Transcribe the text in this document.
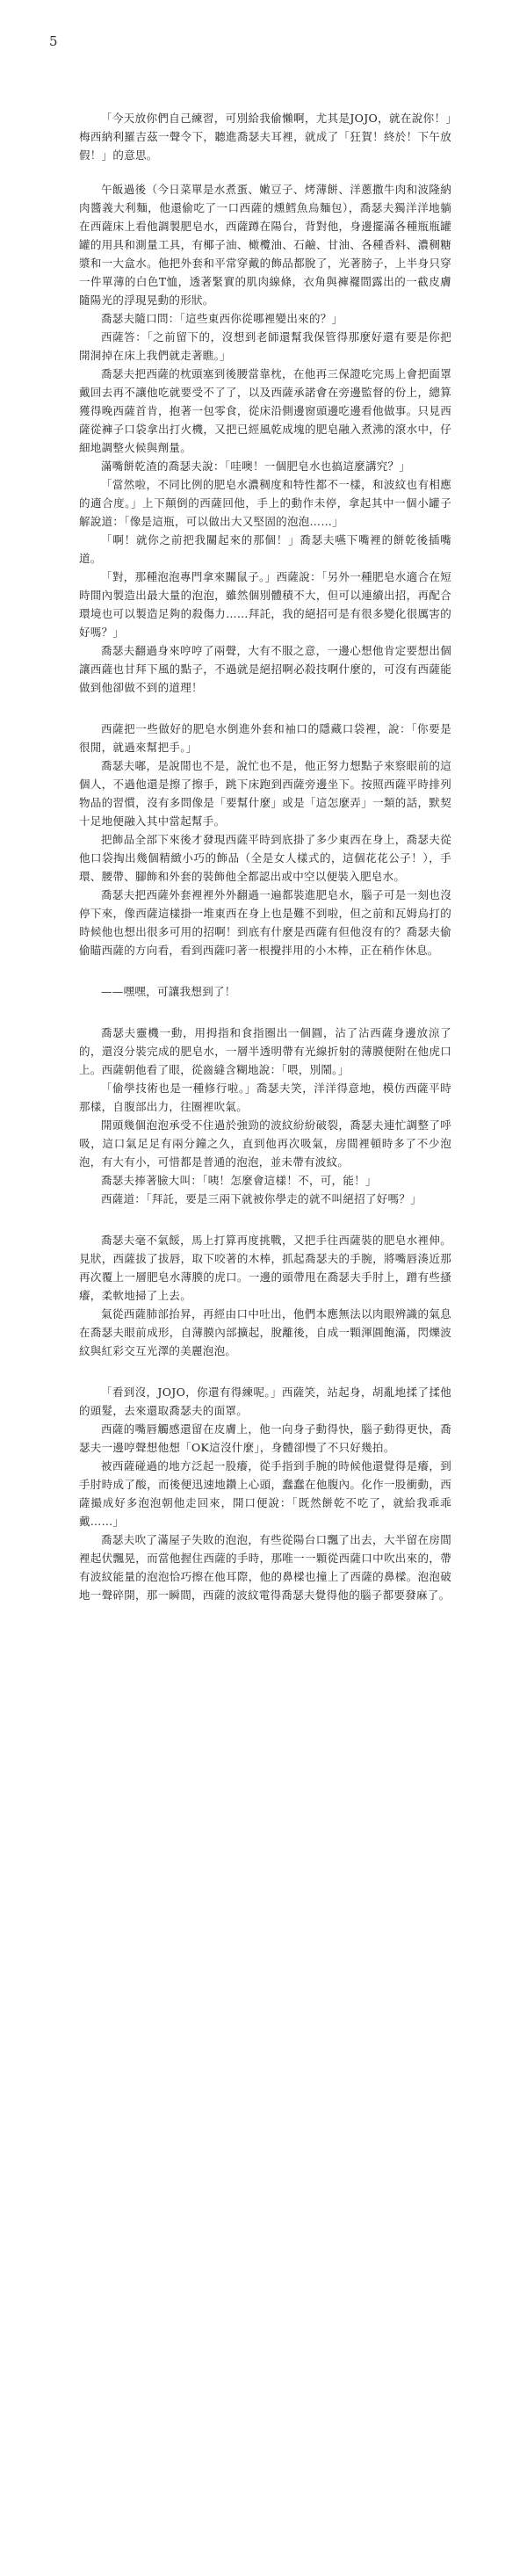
5

「今天放你們自己練習，可別給我偷懶啊，尤其是JOJO，就在說你！」梅西納利羅吉茲一聲令下，聽進喬瑟夫耳裡，就成了「狂賀！終於！下午放假！」的意思。

午飯過後（今日菜單是水煮蛋、嫩豆子、烤薄餅、洋蔥撒牛肉和波隆納肉醬義大利麵，他還偷吃了一口西薩的燻鱈魚烏麵包），喬瑟夫獨洋洋地躺在西薩床上看他調製肥皂水，西薩蹲在陽台，背對他，身邊擺滿各種瓶瓶罐罐的用具和測量工具，有椰子油、橄欖油、石鹼、甘油、各種香料、濃稠糖漿和一大盒水。他把外套和平常穿戴的飾品都脫了，光著膀子，上半身只穿一件單薄的白色T恤，透著緊實的肌肉線條，衣角與褲襬間露出的一截皮膚隨陽光的浮現晃動的形狀。

喬瑟夫隨口問：「這些東西你從哪裡變出來的？」

西薩答：「之前留下的，沒想到老師還幫我保管得那麼好還有要是你把開洞掉在床上我們就走著瞧。」

喬瑟夫把西薩的枕頭塞到後腰當靠枕，在他再三保證吃完馬上會把面罩戴回去再不讓他吃就要受不了了，以及西薩承諾會在旁邊監督的份上，總算獲得晚西薩首肯，抱著一包零食，從床沿側邊窗頭邊吃邊看他做事。只見西薩從褲子口袋拿出打火機，又把已經風乾成塊的肥皂融入煮沸的滾水中，仔細地調整火候與劑量。

滿嘴餅乾渣的喬瑟夫說：「哇噢！一個肥皂水也搞這麼講究？」

「當然啦，不同比例的肥皂水濃稠度和特性都不一樣，和波紋也有相應的適合度。」上下顛倒的西薩回他，手上的動作未停，拿起其中一個小罐子解說道：「像是這瓶，可以做出大又堅固的泡泡……」

「啊！就你之前把我關起來的那個！」喬瑟夫嚥下嘴裡的餅乾後插嘴道。

「對，那種泡泡專門拿來關鼠子。」西薩說：「另外一種肥皂水適合在短時間內製造出最大量的泡泡，雖然個別體積不大，但可以連續出招，再配合環境也可以製造足夠的殺傷力……拜託，我的絕招可是有很多變化很厲害的好嗎？」

喬瑟夫翻過身來哼哼了兩聲，大有不服之意，一邊心想他肯定要想出個讓西薩也甘拜下風的點子，不過就是絕招啊必殺技啊什麼的，可沒有西薩能做到他卻做不到的道理！

西薩把一些做好的肥皂水倒進外套和袖口的隱藏口袋裡，說：「你要是很閒，就過來幫把手。」

喬瑟夫嘟，是說閒也不是，說忙也不是，他正努力想點子來察眼前的這個人，不過他還是擦了擦手，跳下床跑到西薩旁邊坐下。按照西薩平時排列物品的習慣，沒有多問像是「要幫什麼」或是「這怎麼弄」一類的話，默契十足地便融入其中當起幫手。

把飾品全部下來後才發現西薩平時到底掛了多少東西在身上，喬瑟夫從他口袋掏出幾個精緻小巧的飾品（全是女人樣式的，這個花花公子！），手環、腰帶、腳飾和外套的裝飾他全都認出或中空以便裝入肥皂水。

喬瑟夫把西薩外套裡裡外外翻過一遍都裝進肥皂水，腦子可是一刻也沒停下來，像西薩這樣掛一堆東西在身上也是難不到啦，但之前和瓦姆烏打的時候他也想出很多可用的招啊！到底有什麼是西薩有但他沒有的？喬瑟夫偷偷瞄西薩的方向看，看到西薩叼著一根攪拌用的小木棒，正在稍作休息。

——嘿嘿，可讓我想到了！

喬瑟夫靈機一動，用拇指和食指圈出一個圓，沾了沾西薩身邊放涼了的，還沒分裝完成的肥皂水，一層半透明帶有光線折射的薄膜便附在他虎口上。西薩朝他看了眼，從齒縫含糊地說：「喂，別鬧。」

「偷學技術也是一種修行啦。」喬瑟夫笑，洋洋得意地，模仿西薩平時那樣，自腹部出力，往圈裡吹氣。

開頭幾個泡泡承受不住過於強勁的波紋紛紛破裂，喬瑟夫連忙調整了呼吸，這口氣足足有兩分鐘之久，直到他再次吸氣，房間裡頓時多了不少泡泡，有大有小，可惜都是普通的泡泡，並未帶有波紋。

喬瑟夫捧著臉大叫：「咦！怎麼會這樣！不，可，能！」

西薩道：「拜託，要是三兩下就被你學走的就不叫絕招了好嗎？」

喬瑟夫毫不氣餒，馬上打算再度挑戰，又把手往西薩裝的肥皂水裡伸。見狀，西薩拔了拔唇，取下咬著的木棒，抓起喬瑟夫的手腕，將嘴唇湊近那再次覆上一層肥皂水薄膜的虎口。一邊的頭帶甩在喬瑟夫手肘上，蹭有些搔癢，柔軟地掃了上去。

氣從西薩肺部抬昇，再經由口中吐出，他們本應無法以肉眼辨識的氣息在喬瑟夫眼前成形，自薄膜內部擴起，脫離後，自成一顆渾圓飽滿，閃爍波紋與紅彩交互光澤的美麗泡泡。

「看到沒，JOJO，你還有得練呢。」西薩笑，站起身，胡亂地揉了揉他的頭髮，去來還取喬瑟夫的面罩。

西薩的嘴唇觸感還留在皮膚上，他一向身子動得快，腦子動得更快，喬瑟夫一邊哼聲想他想「OK這沒什麼」，身體卻慢了不只好幾拍。

被西薩碰過的地方泛起一股癢，從手指到手腕的時候他還覺得是癢，到手肘時成了酸，而後便迅速地鑽上心頭，蠢蠢在他腹內。化作一股衝動，西薩撮成好多泡泡朝他走回來，開口便說：「既然餅乾不吃了，就給我乖乖戴……」

喬瑟夫吹了滿屋子失敗的泡泡，有些從陽台口飄了出去，大半留在房間裡起伏飄晃，而當他握住西薩的手時，那唯一一顆從西薩口中吹出來的，帶有波紋能量的泡泡恰巧擦在他耳際，他的鼻樑也撞上了西薩的鼻樑。泡泡破地一聲碎開，那一瞬間，西薩的波紋電得喬瑟夫覺得他的腦子都要發麻了。
